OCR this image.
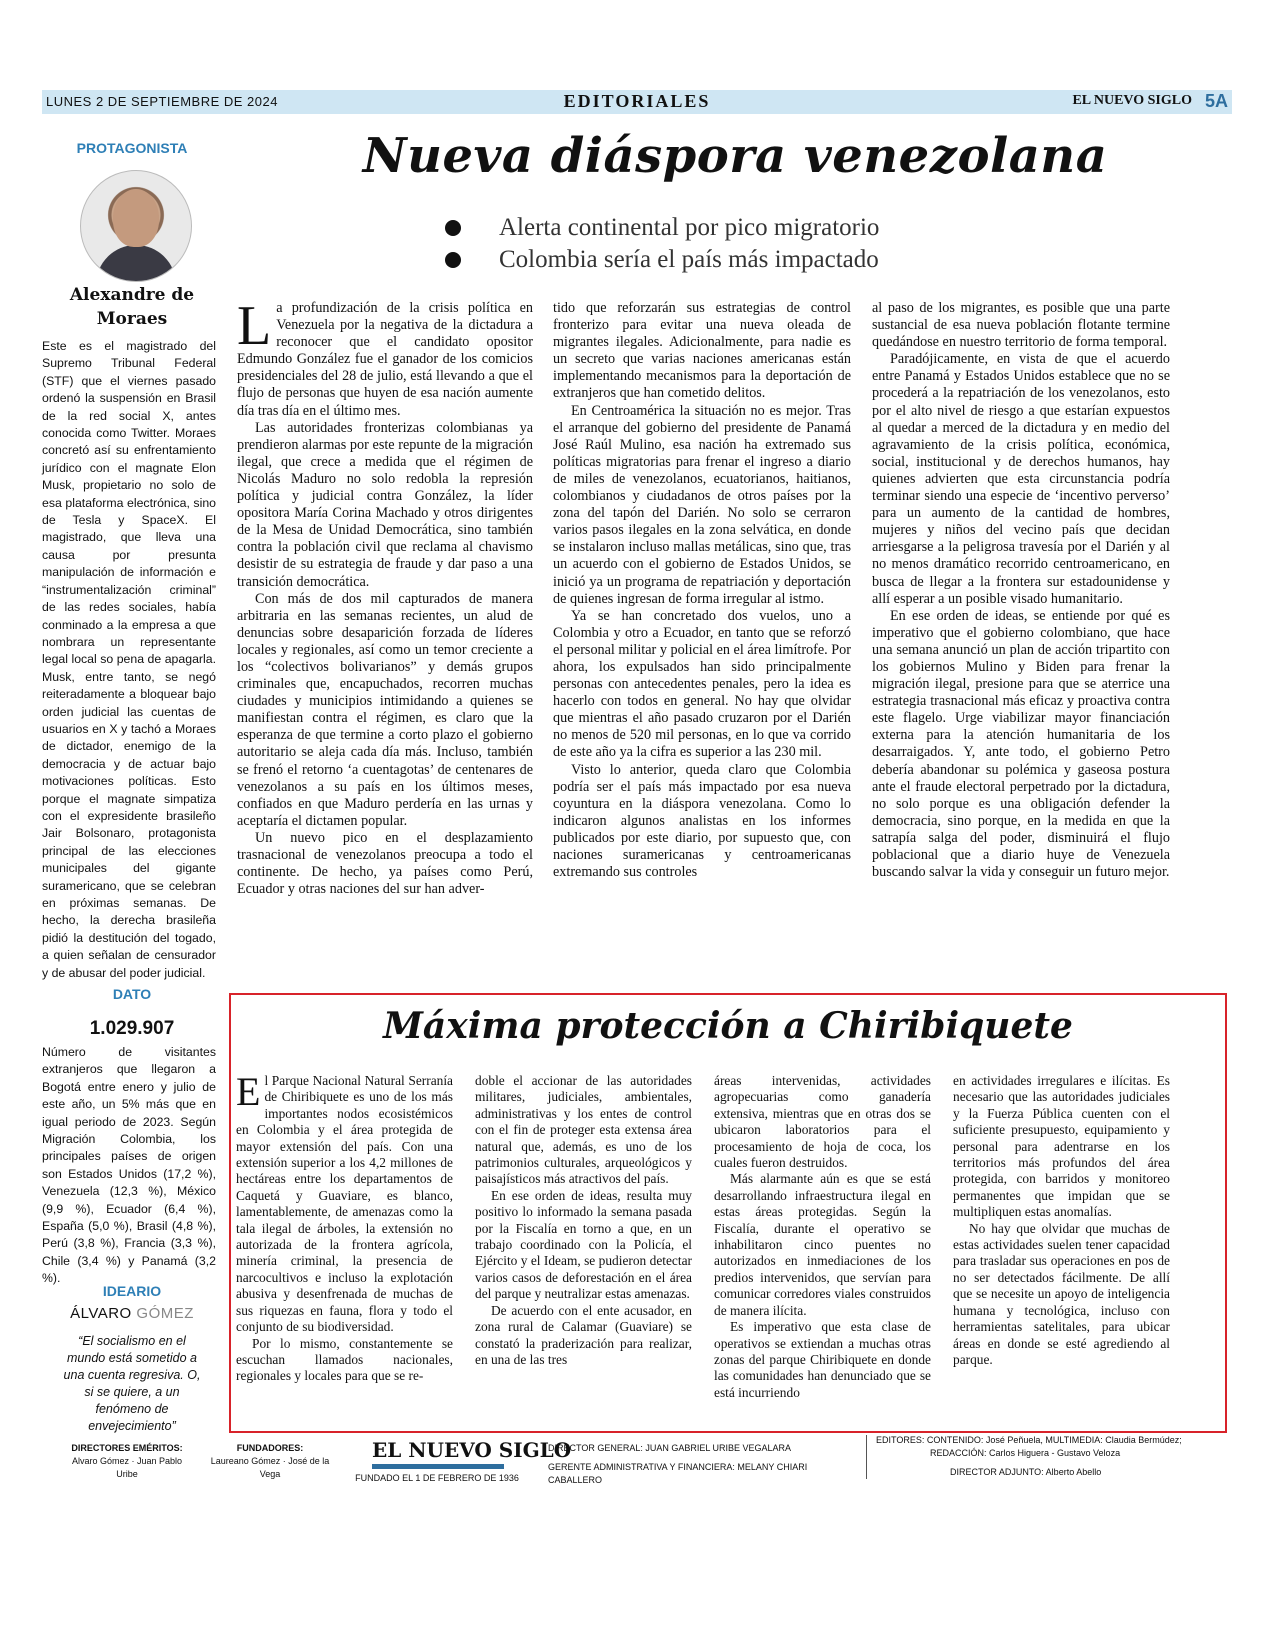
LUNES 2 DE SEPTIEMBRE DE 2024	EDITORIALES	EL NUEVO SIGLO 5A
PROTAGONISTA
Alexandre de Moraes
Este es el magistrado del Supremo Tribunal Federal (STF) que el viernes pasado ordenó la suspensión en Brasil de la red social X, antes conocida como Twitter. Moraes concretó así su enfrentamiento jurídico con el magnate Elon Musk, propietario no solo de esa plataforma electrónica, sino de Tesla y SpaceX. El magistrado, que lleva una causa por presunta manipulación de información e “instrumentalización criminal” de las redes sociales, había conminado a la empresa a que nombrara un representante legal local so pena de apagarla. Musk, entre tanto, se negó reiteradamente a bloquear bajo orden judicial las cuentas de usuarios en X y tachó a Moraes de dictador, enemigo de la democracia y de actuar bajo motivaciones políticas. Esto porque el magnate simpatiza con el expresidente brasileño Jair Bolsonaro, protagonista principal de las elecciones municipales del gigante suramericano, que se celebran en próximas semanas. De hecho, la derecha brasileña pidió la destitución del togado, a quien señalan de censurador y de abusar del poder judicial.
DATO
1.029.907
Número de visitantes extranjeros que llegaron a Bogotá entre enero y julio de este año, un 5% más que en igual periodo de 2023. Según Migración Colombia, los principales países de origen son Estados Unidos (17,2 %), Venezuela (12,3 %), México (9,9 %), Ecuador (6,4 %), España (5,0 %), Brasil (4,8 %), Perú (3,8 %), Francia (3,3 %), Chile (3,4 %) y Panamá (3,2 %).
IDEARIO
ÁLVARO GÓMEZ
“El socialismo en el mundo está sometido a una cuenta regresiva. O, si se quiere, a un fenómeno de envejecimiento”
Nueva diáspora venezolana
Alerta continental por pico migratorio
Colombia sería el país más impactado

La profundización de la crisis política en Venezuela por la negativa de la dictadura a reconocer que el candidato opositor Edmundo González fue el ganador de los comicios presidenciales del 28 de julio, está llevando a que el flujo de personas que huyen de esa nación aumente día tras día en el último mes.

Las autoridades fronterizas colombianas ya prendieron alarmas por este repunte de la migración ilegal, que crece a medida que el régimen de Nicolás Maduro no solo redobla la represión política y judicial contra González, la líder opositora María Corina Machado y otros dirigentes de la Mesa de Unidad Democrática, sino también contra la población civil que reclama al chavismo desistir de su estrategia de fraude y dar paso a una transición democrática.

Con más de dos mil capturados de manera arbitraria en las semanas recientes, un alud de denuncias sobre desaparición forzada de líderes locales y regionales, así como un temor creciente a los “colectivos bolivarianos” y demás grupos criminales que, encapuchados, recorren muchas ciudades y municipios intimidando a quienes se manifiestan contra el régimen, es claro que la esperanza de que termine a corto plazo el gobierno autoritario se aleja cada día más. Incluso, también se frenó el retorno ‘a cuentagotas’ de centenares de venezolanos a su país en los últimos meses, confiados en que Maduro perdería en las urnas y aceptaría el dictamen popular.

Un nuevo pico en el desplazamiento trasnacional de venezolanos preocupa a todo el continente. De hecho, ya países como Perú, Ecuador y otras naciones del sur han adver-

tido que reforzarán sus estrategias de control fronterizo para evitar una nueva oleada de migrantes ilegales. Adicionalmente, para nadie es un secreto que varias naciones americanas están implementando mecanismos para la deportación de extranjeros que han cometido delitos.

En Centroamérica la situación no es mejor. Tras el arranque del gobierno del presidente de Panamá José Raúl Mulino, esa nación ha extremado sus políticas migratorias para frenar el ingreso a diario de miles de venezolanos, ecuatorianos, haitianos, colombianos y ciudadanos de otros países por la zona del tapón del Darién. No solo se cerraron varios pasos ilegales en la zona selvática, en donde se instalaron incluso mallas metálicas, sino que, tras un acuerdo con el gobierno de Estados Unidos, se inició ya un programa de repatriación y deportación de quienes ingresan de forma irregular al istmo.

Ya se han concretado dos vuelos, uno a Colombia y otro a Ecuador, en tanto que se reforzó el personal militar y policial en el área limítrofe. Por ahora, los expulsados han sido principalmente personas con antecedentes penales, pero la idea es hacerlo con todos en general. No hay que olvidar que mientras el año pasado cruzaron por el Darién no menos de 520 mil personas, en lo que va corrido de este año ya la cifra es superior a las 230 mil.

Visto lo anterior, queda claro que Colombia podría ser el país más impactado por esa nueva coyuntura en la diáspora venezolana. Como lo indicaron algunos analistas en los informes publicados por este diario, por supuesto que, con naciones suramericanas y centroamericanas extremando sus controles

al paso de los migrantes, es posible que una parte sustancial de esa nueva población flotante termine quedándose en nuestro territorio de forma temporal.

Paradójicamente, en vista de que el acuerdo entre Panamá y Estados Unidos establece que no se procederá a la repatriación de los venezolanos, esto por el alto nivel de riesgo a que estarían expuestos al quedar a merced de la dictadura y en medio del agravamiento de la crisis política, económica, social, institucional y de derechos humanos, hay quienes advierten que esta circunstancia podría terminar siendo una especie de ‘incentivo perverso’ para un aumento de la cantidad de hombres, mujeres y niños del vecino país que decidan arriesgarse a la peligrosa travesía por el Darién y al no menos dramático recorrido centroamericano, en busca de llegar a la frontera sur estadounidense y allí esperar a un posible visado humanitario.

En ese orden de ideas, se entiende por qué es imperativo que el gobierno colombiano, que hace una semana anunció un plan de acción tripartito con los gobiernos Mulino y Biden para frenar la migración ilegal, presione para que se aterrice una estrategia trasnacional más eficaz y proactiva contra este flagelo. Urge viabilizar mayor financiación externa para la atención humanitaria de los desarraigados. Y, ante todo, el gobierno Petro debería abandonar su polémica y gaseosa postura ante el fraude electoral perpetrado por la dictadura, no solo porque es una obligación defender la democracia, sino porque, en la medida en que la satrapía salga del poder, disminuirá el flujo poblacional que a diario huye de Venezuela buscando salvar la vida y conseguir un futuro mejor.

Máxima protección a Chiribiquete

El Parque Nacional Natural Serranía de Chiribiquete es uno de los más importantes nodos ecosistémicos en Colombia y el área protegida de mayor extensión del país. Con una extensión superior a los 4,2 millones de hectáreas entre los departamentos de Caquetá y Guaviare, es blanco, lamentablemente, de amenazas como la tala ilegal de árboles, la extensión no autorizada de la frontera agrícola, minería criminal, la presencia de narcocultivos e incluso la explotación abusiva y desenfrenada de muchas de sus riquezas en fauna, flora y todo el conjunto de su biodiversidad.

Por lo mismo, constantemente se escuchan llamados nacionales, regionales y locales para que se re-

doble el accionar de las autoridades militares, judiciales, ambientales, administrativas y los entes de control con el fin de proteger esta extensa área natural que, además, es uno de los patrimonios culturales, arqueológicos y paisajísticos más atractivos del país.

En ese orden de ideas, resulta muy positivo lo informado la semana pasada por la Fiscalía en torno a que, en un trabajo coordinado con la Policía, el Ejército y el Ideam, se pudieron detectar varios casos de deforestación en el área del parque y neutralizar estas amenazas.

De acuerdo con el ente acusador, en zona rural de Calamar (Guaviare) se constató la praderización para realizar, en una de las tres

áreas intervenidas, actividades agropecuarias como ganadería extensiva, mientras que en otras dos se ubicaron laboratorios para el procesamiento de hoja de coca, los cuales fueron destruidos.

Más alarmante aún es que se está desarrollando infraestructura ilegal en estas áreas protegidas. Según la Fiscalía, durante el operativo se inhabilitaron cinco puentes no autorizados en inmediaciones de los predios intervenidos, que servían para comunicar corredores viales construidos de manera ilícita.

Es imperativo que esta clase de operativos se extiendan a muchas otras zonas del parque Chiribiquete en donde las comunidades han denunciado que se está incurriendo

en actividades irregulares e ilícitas. Es necesario que las autoridades judiciales y la Fuerza Pública cuenten con el suficiente presupuesto, equipamiento y personal para adentrarse en los territorios más profundos del área protegida, con barridos y monitoreo permanentes que impidan que se multipliquen estas anomalías.

No hay que olvidar que muchas de estas actividades suelen tener capacidad para trasladar sus operaciones en pos de no ser detectados fácilmente. De allí que se necesite un apoyo de inteligencia humana y tecnológica, incluso con herramientas satelitales, para ubicar áreas en donde se esté agrediendo al parque.

DIRECTORES EMÉRITOS:
Alvaro Gómez · Juan Pablo Uribe
FUNDADORES:
Laureano Gómez · José de la Vega
EL NUEVO SIGLO
FUNDADO EL 1 DE FEBRERO DE 1936
DIRECTOR GENERAL: JUAN GABRIEL URIBE VEGALARA
GERENTE ADMINISTRATIVA Y FINANCIERA: MELANY CHIARI CABALLERO
EDITORES: CONTENIDO: José Peñuela, MULTIMEDIA: Claudia Bermúdez;
REDACCIÓN: Carlos Higuera - Gustavo Veloza
DIRECTOR ADJUNTO: Alberto Abello
